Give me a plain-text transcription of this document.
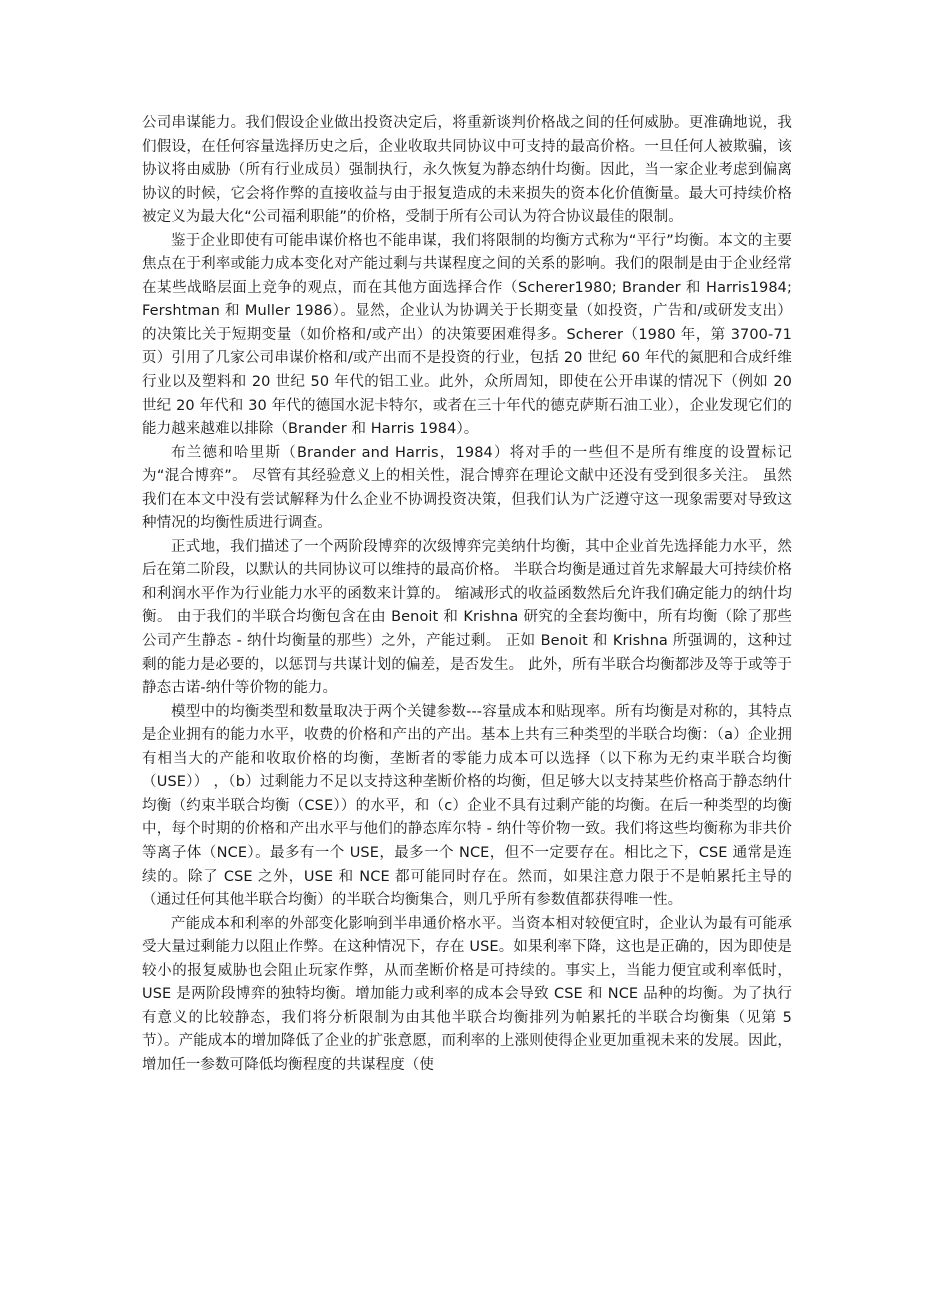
公司串谋能力。我们假设企业做出投资决定后，将重新谈判价格战之间的任何威胁。更准确地说，我们假设，在任何容量选择历史之后，企业收取共同协议中可支持的最高价格。一旦任何人被欺骗，该协议将由威胁（所有行业成员）强制执行，永久恢复为静态纳什均衡。因此，当一家企业考虑到偏离协议的时候，它会将作弊的直接收益与由于报复造成的未来损失的资本化价值衡量。最大可持续价格被定义为最大化“公司福利职能”的价格，受制于所有公司认为符合协议最佳的限制。

鉴于企业即使有可能串谋价格也不能串谋，我们将限制的均衡方式称为“平行”均衡。本文的主要焦点在于利率或能力成本变化对产能过剩与共谋程度之间的关系的影响。我们的限制是由于企业经常在某些战略层面上竞争的观点，而在其他方面选择合作（Scherer1980; Brander 和 Harris1984; Fershtman 和 Muller 1986）。显然，企业认为协调关于长期变量（如投资，广告和/或研发支出）的决策比关于短期变量（如价格和/或产出）的决策要困难得多。Scherer（1980 年，第 3700-71 页）引用了几家公司串谋价格和/或产出而不是投资的行业，包括 20 世纪 60 年代的氮肥和合成纤维行业以及塑料和 20 世纪 50 年代的铝工业。此外，众所周知，即使在公开串谋的情况下（例如 20 世纪 20 年代和 30 年代的德国水泥卡特尔，或者在三十年代的德克萨斯石油工业），企业发现它们的能力越来越难以排除（Brander 和 Harris 1984）。

布兰德和哈里斯（Brander and Harris，1984）将对手的一些但不是所有维度的设置标记为“混合博弈”。 尽管有其经验意义上的相关性，混合博弈在理论文献中还没有受到很多关注。 虽然我们在本文中没有尝试解释为什么企业不协调投资决策，但我们认为广泛遵守这一现象需要对导致这种情况的均衡性质进行调查。

正式地，我们描述了一个两阶段博弈的次级博弈完美纳什均衡，其中企业首先选择能力水平，然后在第二阶段，以默认的共同协议可以维持的最高价格。 半联合均衡是通过首先求解最大可持续价格和利润水平作为行业能力水平的函数来计算的。 缩减形式的收益函数然后允许我们确定能力的纳什均衡。 由于我们的半联合均衡包含在由 Benoit 和 Krishna 研究的全套均衡中，所有均衡（除了那些公司产生静态 - 纳什均衡量的那些）之外，产能过剩。 正如 Benoit 和 Krishna 所强调的，这种过剩的能力是必要的，以惩罚与共谋计划的偏差，是否发生。 此外，所有半联合均衡都涉及等于或等于静态古诺-纳什等价物的能力。

模型中的均衡类型和数量取决于两个关键参数---容量成本和贴现率。所有均衡是对称的，其特点是企业拥有的能力水平，收费的价格和产出的产出。基本上共有三种类型的半联合均衡：（a）企业拥有相当大的产能和收取价格的均衡，垄断者的零能力成本可以选择（以下称为无约束半联合均衡（USE）） ，（b）过剩能力不足以支持这种垄断价格的均衡，但足够大以支持某些价格高于静态纳什均衡（约束半联合均衡（CSE））的水平，和（c）企业不具有过剩产能的均衡。在后一种类型的均衡中，每个时期的价格和产出水平与他们的静态库尔特 - 纳什等价物一致。我们将这些均衡称为非共价等离子体（NCE）。最多有一个 USE，最多一个 NCE，但不一定要存在。相比之下，CSE 通常是连续的。除了 CSE 之外，USE 和 NCE 都可能同时存在。然而，如果注意力限于不是帕累托主导的（通过任何其他半联合均衡）的半联合均衡集合，则几乎所有参数值都获得唯一性。

产能成本和利率的外部变化影响到半串通价格水平。当资本相对较便宜时，企业认为最有可能承受大量过剩能力以阻止作弊。在这种情况下，存在 USE。如果利率下降，这也是正确的，因为即使是较小的报复威胁也会阻止玩家作弊，从而垄断价格是可持续的。事实上，当能力便宜或利率低时，USE 是两阶段博弈的独特均衡。增加能力或利率的成本会导致 CSE 和 NCE 品种的均衡。为了执行有意义的比较静态，我们将分析限制为由其他半联合均衡排列为帕累托的半联合均衡集（见第 5 节）。产能成本的增加降低了企业的扩张意愿，而利率的上涨则使得企业更加重视未来的发展。因此，增加任一参数可降低均衡程度的共谋程度（使
